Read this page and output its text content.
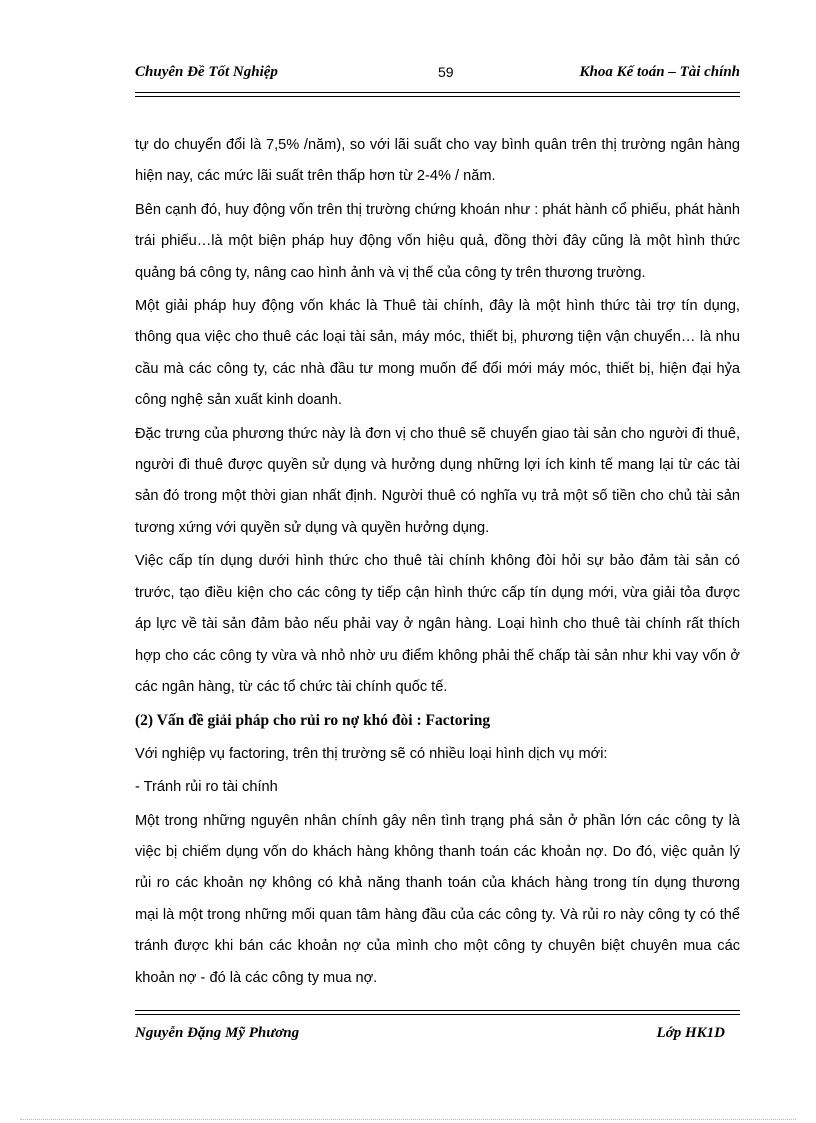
Chuyên Đề Tốt Nghiệp	59	Khoa Kế toán – Tài chính

tự do chuyển đổi là 7,5% /năm), so với lãi suất cho vay bình quân trên thị trường ngân hàng hiện nay, các mức lãi suất trên thấp hơn từ 2-4% / năm.

Bên cạnh đó, huy động vốn trên thị trường chứng khoán như : phát hành cổ phiếu, phát hành trái phiếu…là một biện pháp huy động vốn hiệu quả, đồng thời đây cũng là một hình thức quảng bá công ty, nâng cao hình ảnh và vị thế của công ty trên thương trường.

Một giải pháp huy động vốn khác là Thuê tài chính, đây là một hình thức tài trợ tín dụng, thông qua việc cho thuê các loại tài sản, máy móc, thiết bị, phương tiện vận chuyển… là nhu cầu mà các công ty, các nhà đầu tư mong muốn để đổi mới máy móc, thiết bị, hiện đại hỷa công nghệ sản xuất kinh doanh.

Đặc trưng của phương thức này là đơn vị cho thuê sẽ chuyển giao tài sản cho người đi thuê, người đi thuê được quyền sử dụng và hưởng dụng những lợi ích kinh tế mang lại từ các tài sản đó trong một thời gian nhất định. Người thuê có nghĩa vụ trả một số tiền cho chủ tài sản tương xứng với quyền sử dụng và quyền hưởng dụng.

Việc cấp tín dụng dưới hình thức cho thuê tài chính không đòi hỏi sự bảo đảm tài sản có trước, tạo điều kiện cho các công ty tiếp cận hình thức cấp tín dụng mới, vừa giải tỏa được áp lực về tài sản đảm bảo nếu phải vay ở ngân hàng. Loại hình cho thuê tài chính rất thích hợp cho các công ty vừa và nhỏ nhờ ưu điểm không phải thế chấp tài sản như khi vay vốn ở các ngân hàng, từ các tổ chức tài chính quốc tế.

(2) Vấn đề giải pháp cho rủi ro nợ khó đòi : Factoring

Với nghiệp vụ factoring, trên thị trường sẽ có nhiều loại hình dịch vụ mới:

- Tránh rủi ro tài chính

Một trong những nguyên nhân chính gây nên tình trạng phá sản ở phần lớn các công ty là việc bị chiếm dụng vốn do khách hàng không thanh toán các khoản nợ. Do đó, việc quản lý rủi ro các khoản nợ không có khả năng thanh toán của khách hàng trong tín dụng thương mại là một trong những mối quan tâm hàng đầu của các công ty. Và rủi ro này công ty có thể tránh được khi bán các khoản nợ của mình cho một công ty chuyên biệt chuyên mua các khoản nợ - đó là các công ty mua nợ.

Nguyễn Đặng Mỹ Phương	Lớp HK1D
